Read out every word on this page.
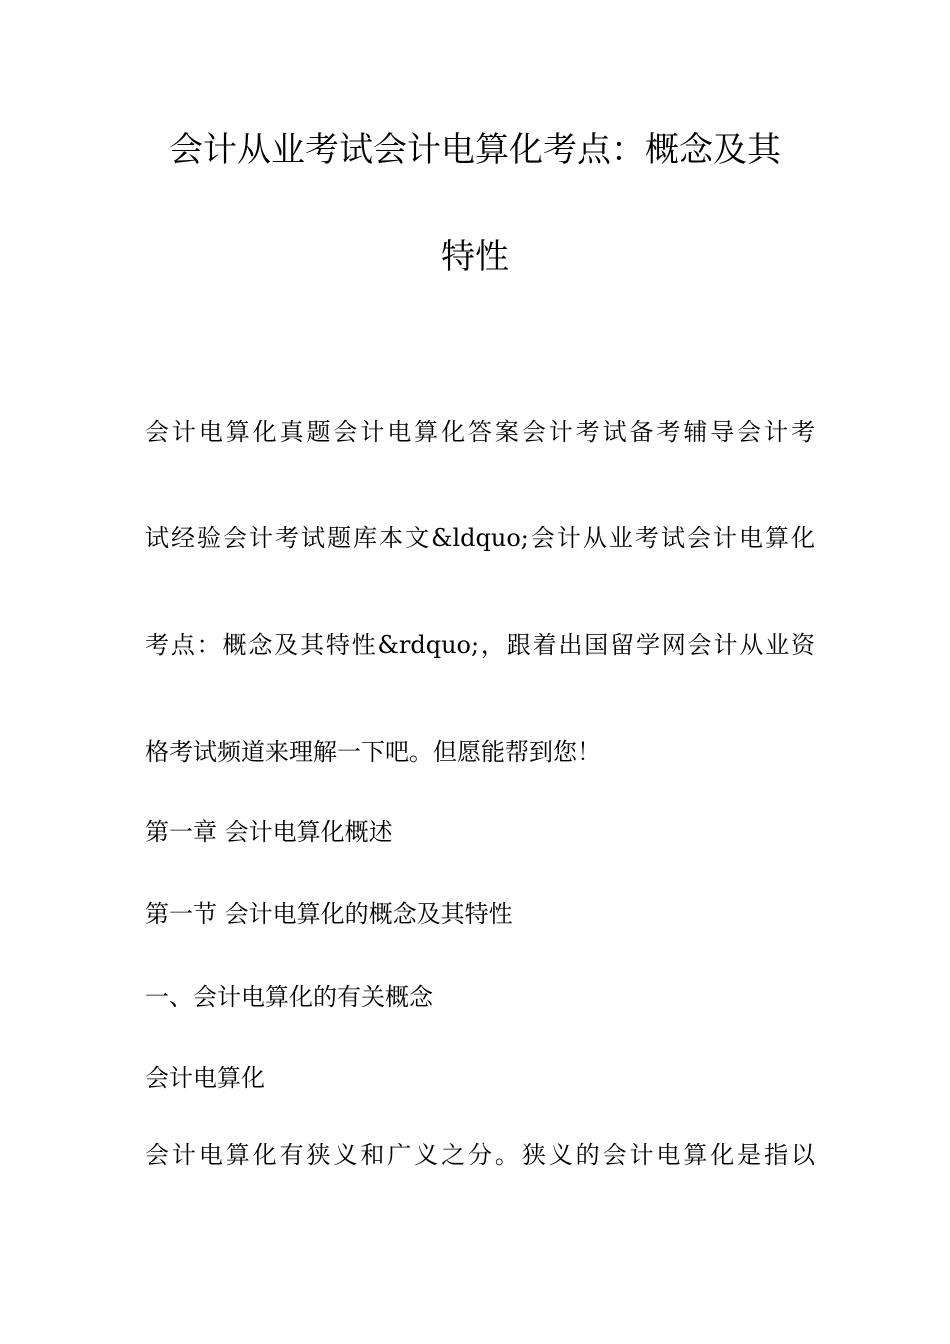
会计从业考试会计电算化考点：概念及其
特性
会计电算化真题会计电算化答案会计考试备考辅导会计考
试经验会计考试题库本文&ldquo;会计从业考试会计电算化
考点：概念及其特性&rdquo;，跟着出国留学网会计从业资
格考试频道来理解一下吧。但愿能帮到您！
第一章 会计电算化概述
第一节 会计电算化的概念及其特性
一、会计电算化的有关概念
会计电算化
会计电算化有狭义和广义之分。狭义的会计电算化是指以
